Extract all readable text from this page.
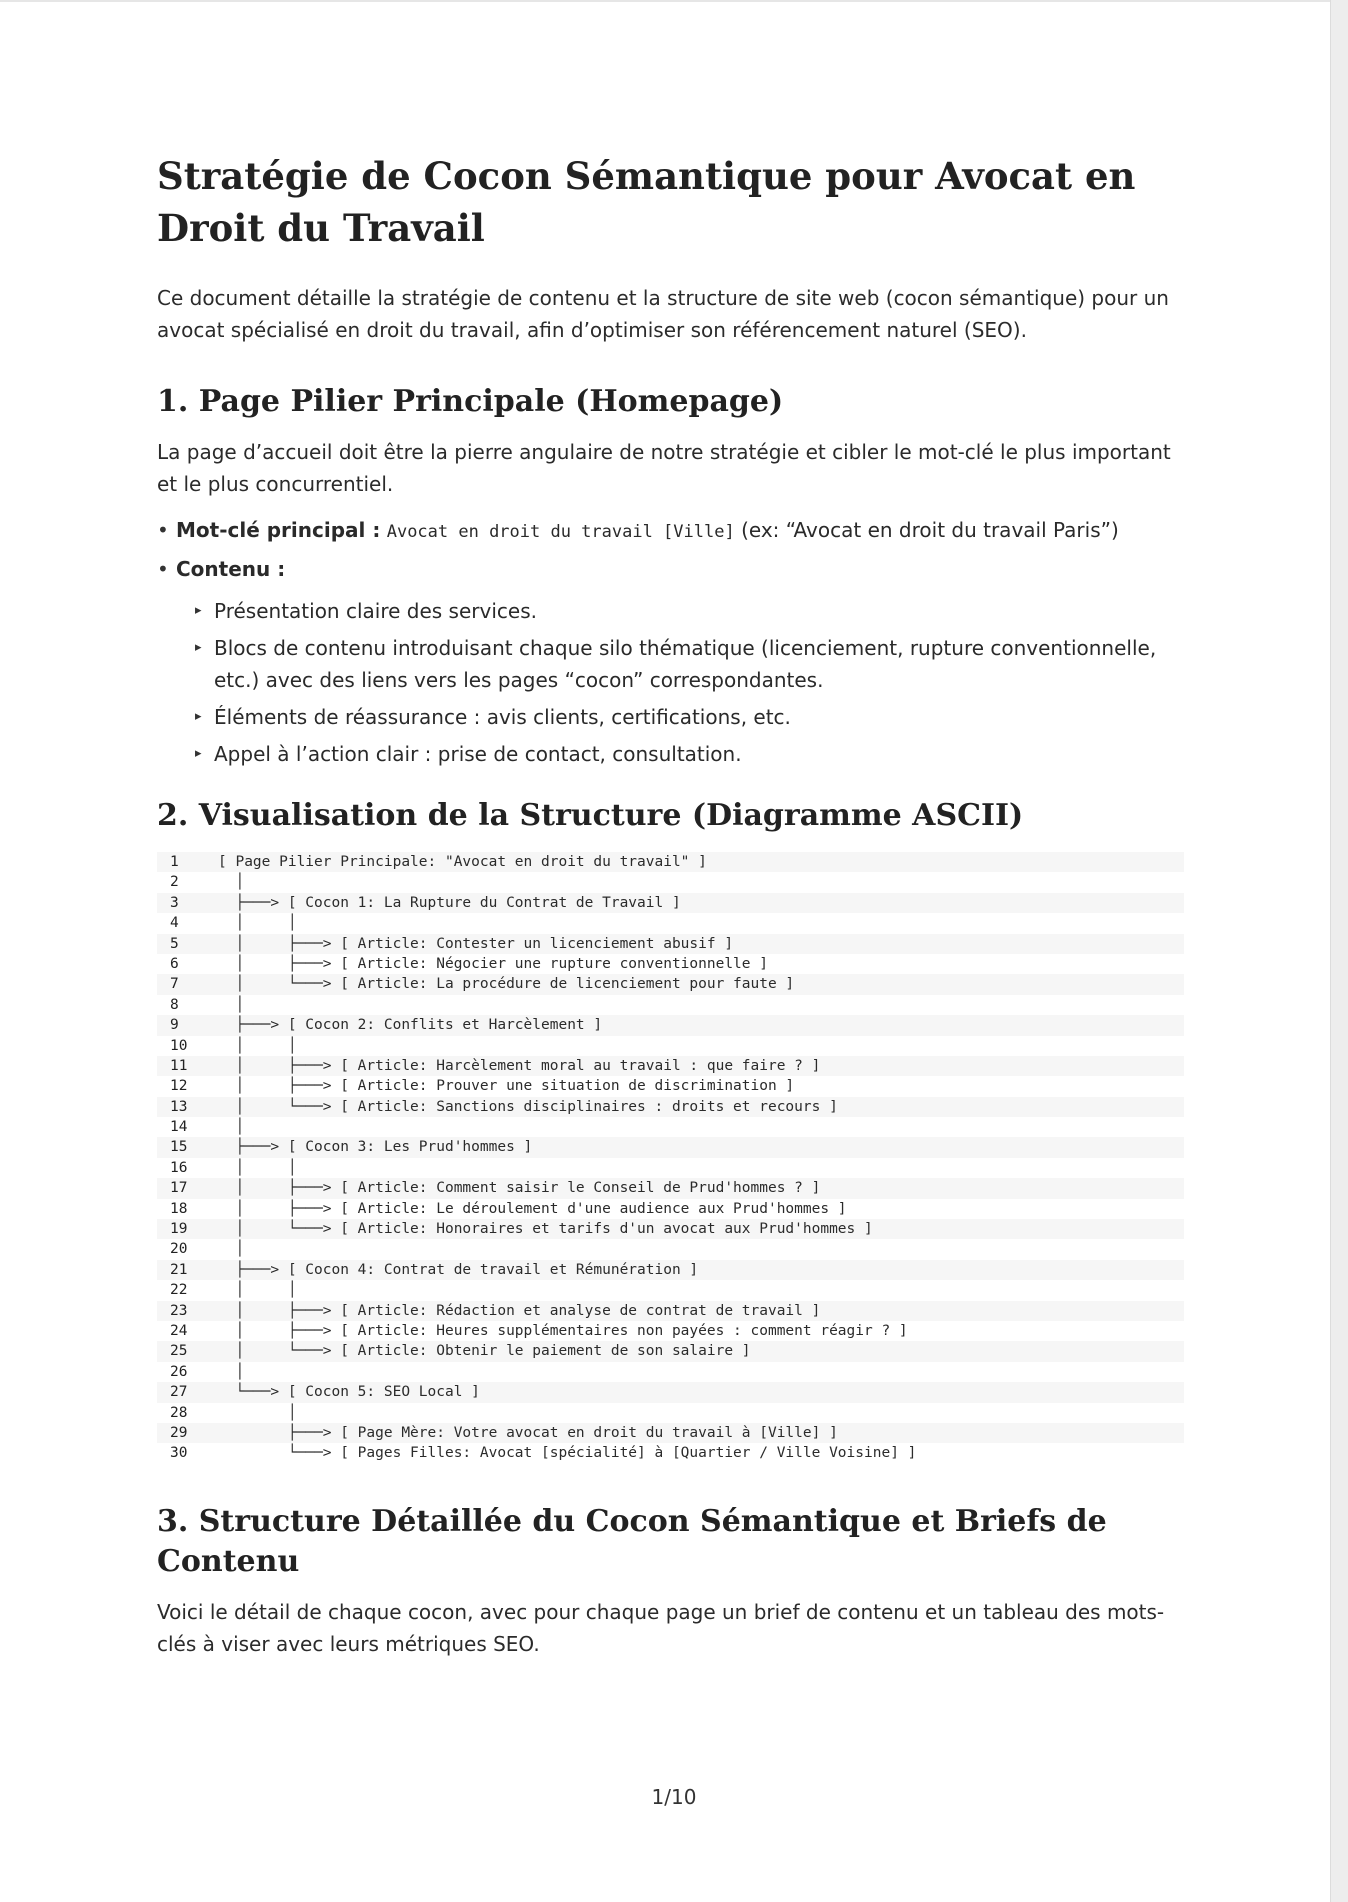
Stratégie de Cocon Sémantique pour Avocat en Droit du Travail

Ce document détaille la stratégie de contenu et la structure de site web (cocon sémantique) pour un avocat spécialisé en droit du travail, afin d’optimiser son référencement naturel (SEO).

1. Page Pilier Principale (Homepage)

La page d’accueil doit être la pierre angulaire de notre stratégie et cibler le mot-clé le plus important et le plus concurrentiel.

• Mot-clé principal : Avocat en droit du travail [Ville] (ex: “Avocat en droit du travail Paris”)
• Contenu :
▸ Présentation claire des services.
▸ Blocs de contenu introduisant chaque silo thématique (licenciement, rupture conventionnelle, etc.) avec des liens vers les pages “cocon” correspondantes.
▸ Éléments de réassurance : avis clients, certifications, etc.
▸ Appel à l’action clair : prise de contact, consultation.
2. Visualisation de la Structure (Diagramme ASCII)
1	[ Page Pilier Principale: "Avocat en droit du travail" ]
2	│
3	├───> [ Cocon 1: La Rupture du Contrat de Travail ]
4	│     │
5	│     ├───> [ Article: Contester un licenciement abusif ]
6	│     ├───> [ Article: Négocier une rupture conventionnelle ]
7	│     └───> [ Article: La procédure de licenciement pour faute ]
8	│
9	├───> [ Cocon 2: Conflits et Harcèlement ]
10	│     │
11	│     ├───> [ Article: Harcèlement moral au travail : que faire ? ]
12	│     ├───> [ Article: Prouver une situation de discrimination ]
13	│     └───> [ Article: Sanctions disciplinaires : droits et recours ]
14	│
15	├───> [ Cocon 3: Les Prud'hommes ]
16	│     │
17	│     ├───> [ Article: Comment saisir le Conseil de Prud'hommes ? ]
18	│     ├───> [ Article: Le déroulement d'une audience aux Prud'hommes ]
19	│     └───> [ Article: Honoraires et tarifs d'un avocat aux Prud'hommes ]
20	│
21	├───> [ Cocon 4: Contrat de travail et Rémunération ]
22	│     │
23	│     ├───> [ Article: Rédaction et analyse de contrat de travail ]
24	│     ├───> [ Article: Heures supplémentaires non payées : comment réagir ? ]
25	│     └───> [ Article: Obtenir le paiement de son salaire ]
26	│
27	└───> [ Cocon 5: SEO Local ]
28	│
29	├───> [ Page Mère: Votre avocat en droit du travail à [Ville] ]
30	└───> [ Pages Filles: Avocat [spécialité] à [Quartier / Ville Voisine] ]
3. Structure Détaillée du Cocon Sémantique et Briefs de Contenu

Voici le détail de chaque cocon, avec pour chaque page un brief de contenu et un tableau des mots-clés à viser avec leurs métriques SEO.

1/10
